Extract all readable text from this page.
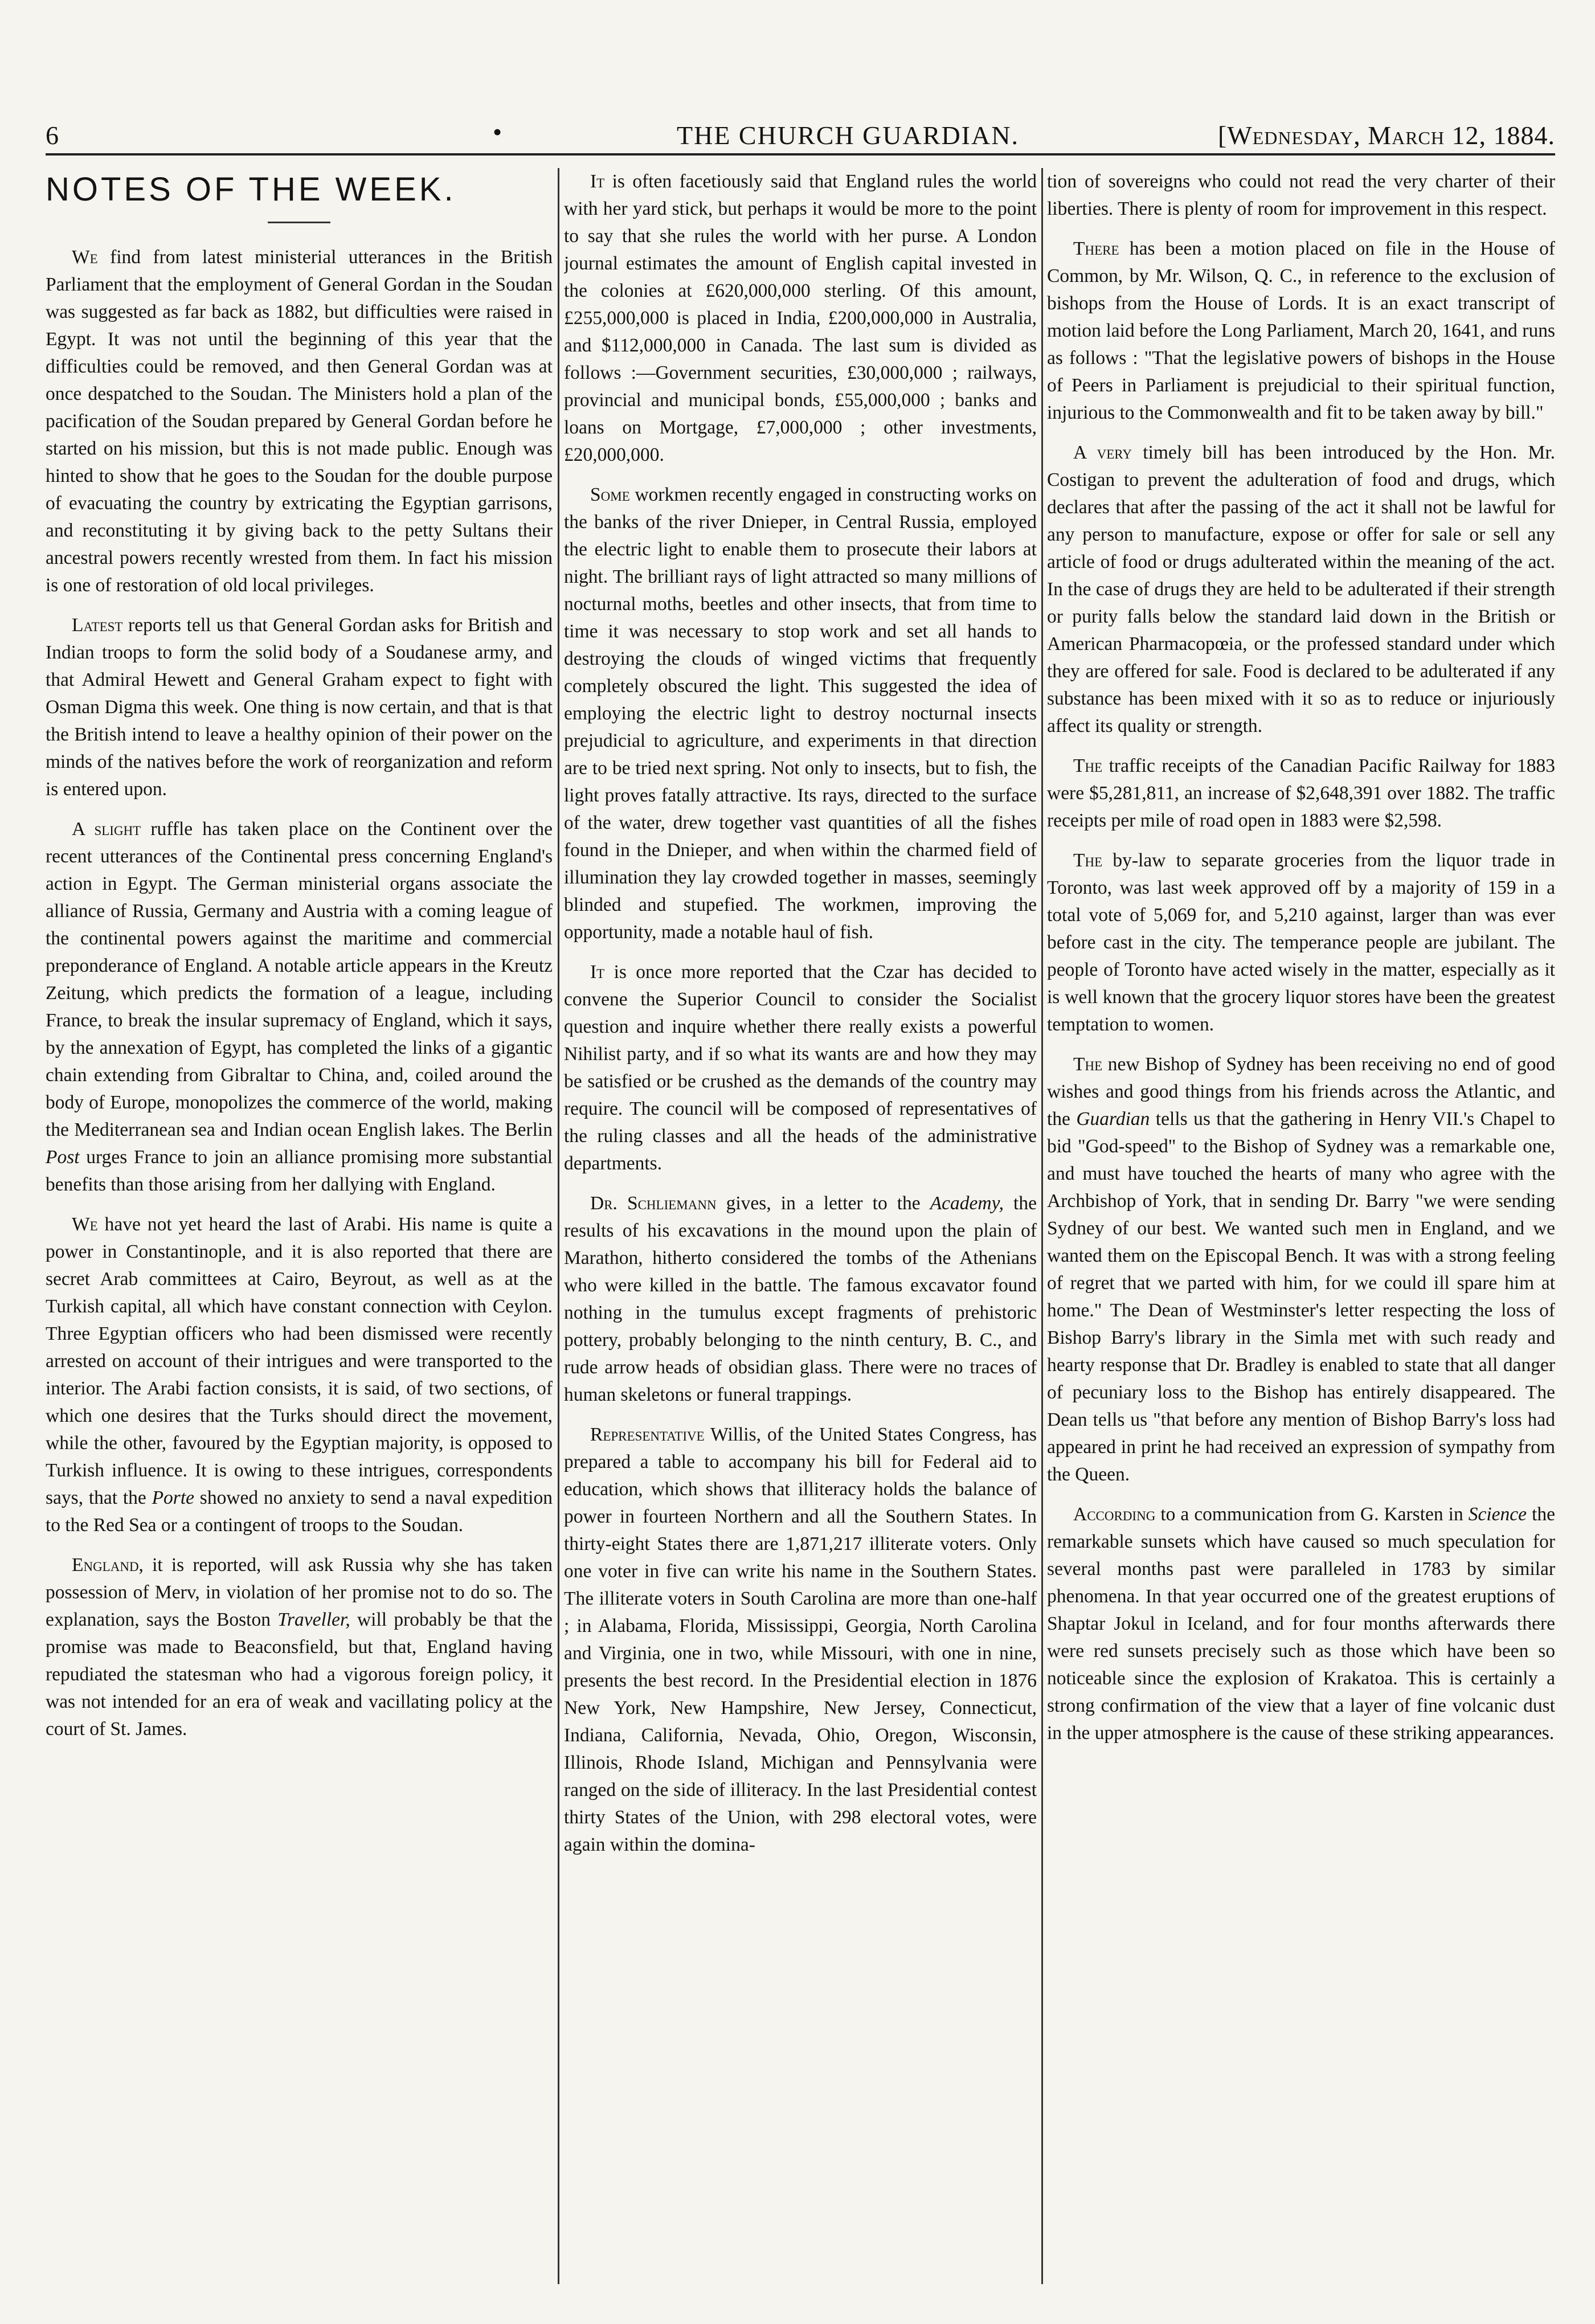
6	•	THE CHURCH GUARDIAN.	[Wednesday, March 12, 1884.
NOTES OF THE WEEK.

We find from latest ministerial utterances in the British Parliament that the employment of General Gordan in the Soudan was suggested as far back as 1882, but difficulties were raised in Egypt. It was not until the beginning of this year that the difficulties could be removed, and then General Gordan was at once despatched to the Soudan. The Ministers hold a plan of the pacification of the Soudan prepared by General Gordan before he started on his mission, but this is not made public. Enough was hinted to show that he goes to the Soudan for the double purpose of evacuating the country by extricating the Egyptian garrisons, and reconstituting it by giving back to the petty Sultans their ancestral powers recently wrested from them. In fact his mission is one of restoration of old local privileges.

Latest reports tell us that General Gordan asks for British and Indian troops to form the solid body of a Soudanese army, and that Admiral Hewett and General Graham expect to fight with Osman Digma this week. One thing is now certain, and that is that the British intend to leave a healthy opinion of their power on the minds of the natives before the work of reorganization and reform is entered upon.

A slight ruffle has taken place on the Continent over the recent utterances of the Continental press concerning England's action in Egypt. The German ministerial organs associate the alliance of Russia, Germany and Austria with a coming league of the continental powers against the maritime and commercial preponderance of England. A notable article appears in the Kreutz Zeitung, which predicts the formation of a league, including France, to break the insular supremacy of England, which it says, by the annexation of Egypt, has completed the links of a gigantic chain extending from Gibraltar to China, and, coiled around the body of Europe, monopolizes the commerce of the world, making the Mediterranean sea and Indian ocean English lakes. The Berlin Post urges France to join an alliance promising more substantial benefits than those arising from her dallying with England.

We have not yet heard the last of Arabi. His name is quite a power in Constantinople, and it is also reported that there are secret Arab committees at Cairo, Beyrout, as well as at the Turkish capital, all which have constant connection with Ceylon. Three Egyptian officers who had been dismissed were recently arrested on account of their intrigues and were transported to the interior. The Arabi faction consists, it is said, of two sections, of which one desires that the Turks should direct the movement, while the other, favoured by the Egyptian majority, is opposed to Turkish influence. It is owing to these intrigues, correspondents says, that the Porte showed no anxiety to send a naval expedition to the Red Sea or a contingent of troops to the Soudan.

England, it is reported, will ask Russia why she has taken possession of Merv, in violation of her promise not to do so. The explanation, says the Boston Traveller, will probably be that the promise was made to Beaconsfield, but that, England having repudiated the statesman who had a vigorous foreign policy, it was not intended for an era of weak and vacillating policy at the court of St. James.

It is often facetiously said that England rules the world with her yard stick, but perhaps it would be more to the point to say that she rules the world with her purse. A London journal estimates the amount of English capital invested in the colonies at £620,000,000 sterling. Of this amount, £255,000,000 is placed in India, £200,000,000 in Australia, and $112,000,000 in Canada. The last sum is divided as follows :—Government securities, £30,000,000 ; railways, provincial and municipal bonds, £55,000,000 ; banks and loans on Mortgage, £7,000,000 ; other investments, £20,000,000.

Some workmen recently engaged in constructing works on the banks of the river Dnieper, in Central Russia, employed the electric light to enable them to prosecute their labors at night. The brilliant rays of light attracted so many millions of nocturnal moths, beetles and other insects, that from time to time it was necessary to stop work and set all hands to destroying the clouds of winged victims that frequently completely obscured the light. This suggested the idea of employing the electric light to destroy nocturnal insects prejudicial to agriculture, and experiments in that direction are to be tried next spring. Not only to insects, but to fish, the light proves fatally attractive. Its rays, directed to the surface of the water, drew together vast quantities of all the fishes found in the Dnieper, and when within the charmed field of illumination they lay crowded together in masses, seemingly blinded and stupefied. The workmen, improving the opportunity, made a notable haul of fish.

It is once more reported that the Czar has decided to convene the Superior Council to consider the Socialist question and inquire whether there really exists a powerful Nihilist party, and if so what its wants are and how they may be satisfied or be crushed as the demands of the country may require. The council will be composed of representatives of the ruling classes and all the heads of the administrative departments.

Dr. Schliemann gives, in a letter to the Academy, the results of his excavations in the mound upon the plain of Marathon, hitherto considered the tombs of the Athenians who were killed in the battle. The famous excavator found nothing in the tumulus except fragments of prehistoric pottery, probably belonging to the ninth century, B. C., and rude arrow heads of obsidian glass. There were no traces of human skeletons or funeral trappings.

Representative Willis, of the United States Congress, has prepared a table to accompany his bill for Federal aid to education, which shows that illiteracy holds the balance of power in fourteen Northern and all the Southern States. In thirty-eight States there are 1,871,217 illiterate voters. Only one voter in five can write his name in the Southern States. The illiterate voters in South Carolina are more than one-half ; in Alabama, Florida, Mississippi, Georgia, North Carolina and Virginia, one in two, while Missouri, with one in nine, presents the best record. In the Presidential election in 1876 New York, New Hampshire, New Jersey, Connecticut, Indiana, California, Nevada, Ohio, Oregon, Wisconsin, Illinois, Rhode Island, Michigan and Pennsylvania were ranged on the side of illiteracy. In the last Presidential contest thirty States of the Union, with 298 electoral votes, were again within the domina-

tion of sovereigns who could not read the very charter of their liberties. There is plenty of room for improvement in this respect.

There has been a motion placed on file in the House of Common, by Mr. Wilson, Q. C., in reference to the exclusion of bishops from the House of Lords. It is an exact transcript of motion laid before the Long Parliament, March 20, 1641, and runs as follows : "That the legislative powers of bishops in the House of Peers in Parliament is prejudicial to their spiritual function, injurious to the Commonwealth and fit to be taken away by bill."

A very timely bill has been introduced by the Hon. Mr. Costigan to prevent the adulteration of food and drugs, which declares that after the passing of the act it shall not be lawful for any person to manufacture, expose or offer for sale or sell any article of food or drugs adulterated within the meaning of the act. In the case of drugs they are held to be adulterated if their strength or purity falls below the standard laid down in the British or American Pharmacopœia, or the professed standard under which they are offered for sale. Food is declared to be adulterated if any substance has been mixed with it so as to reduce or injuriously affect its quality or strength.

The traffic receipts of the Canadian Pacific Railway for 1883 were $5,281,811, an increase of $2,648,391 over 1882. The traffic receipts per mile of road open in 1883 were $2,598.

The by-law to separate groceries from the liquor trade in Toronto, was last week approved off by a majority of 159 in a total vote of 5,069 for, and 5,210 against, larger than was ever before cast in the city. The temperance people are jubilant. The people of Toronto have acted wisely in the matter, especially as it is well known that the grocery liquor stores have been the greatest temptation to women.

The new Bishop of Sydney has been receiving no end of good wishes and good things from his friends across the Atlantic, and the Guardian tells us that the gathering in Henry VII.'s Chapel to bid "God-speed" to the Bishop of Sydney was a remarkable one, and must have touched the hearts of many who agree with the Archbishop of York, that in sending Dr. Barry "we were sending Sydney of our best. We wanted such men in England, and we wanted them on the Episcopal Bench. It was with a strong feeling of regret that we parted with him, for we could ill spare him at home." The Dean of Westminster's letter respecting the loss of Bishop Barry's library in the Simla met with such ready and hearty response that Dr. Bradley is enabled to state that all danger of pecuniary loss to the Bishop has entirely disappeared. The Dean tells us "that before any mention of Bishop Barry's loss had appeared in print he had received an expression of sympathy from the Queen.

According to a communication from G. Karsten in Science the remarkable sunsets which have caused so much speculation for several months past were paralleled in 1783 by similar phenomena. In that year occurred one of the greatest eruptions of Shaptar Jokul in Iceland, and for four months afterwards there were red sunsets precisely such as those which have been so noticeable since the explosion of Krakatoa. This is certainly a strong confirmation of the view that a layer of fine volcanic dust in the upper atmosphere is the cause of these striking appearances.
